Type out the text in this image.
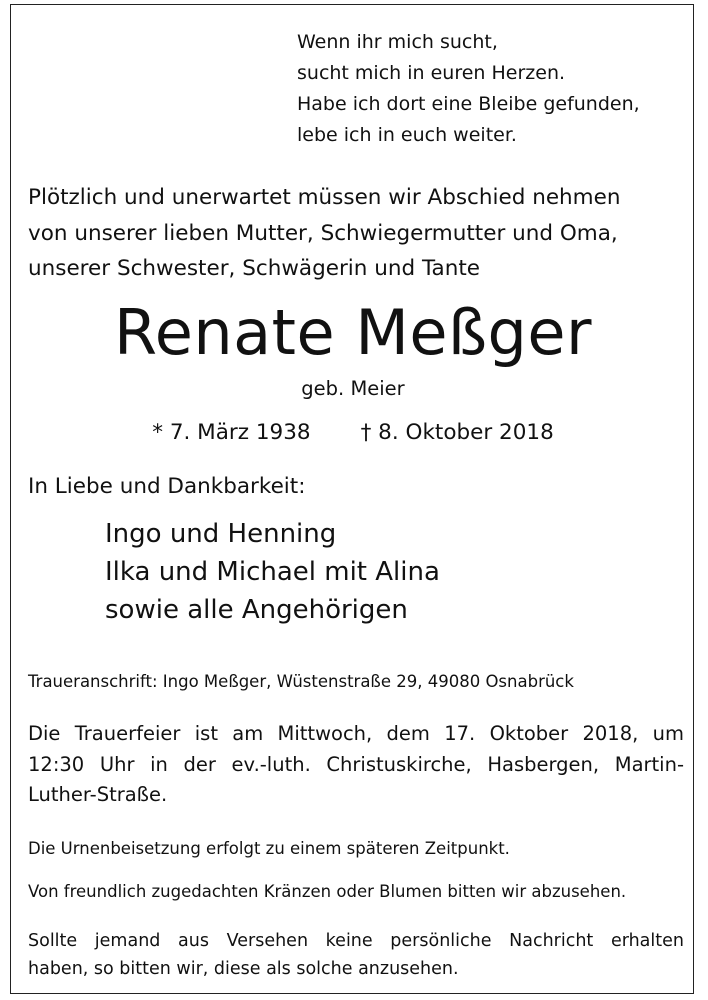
Wenn ihr mich sucht,
sucht mich in euren Herzen.
Habe ich dort eine Bleibe gefunden,
lebe ich in euch weiter.
Plötzlich und unerwartet müssen wir Abschied nehmen
von unserer lieben Mutter, Schwiegermutter und Oma,
unserer Schwester, Schwägerin und Tante
Renate Meßger
geb. Meier
* 7. März 1938 † 8. Oktober 2018
In Liebe und Dankbarkeit:
Ingo und Henning
Ilka und Michael mit Alina
sowie alle Angehörigen
Traueranschrift: Ingo Meßger, Wüstenstraße 29, 49080 Osnabrück
Die Trauerfeier ist am Mittwoch, dem 17. Oktober 2018, um
12:30 Uhr in der ev.-luth. Christuskirche, Hasbergen, Martin-
Luther-Straße.
Die Urnenbeisetzung erfolgt zu einem späteren Zeitpunkt.
Von freundlich zugedachten Kränzen oder Blumen bitten wir abzusehen.
Sollte jemand aus Versehen keine persönliche Nachricht erhalten
haben, so bitten wir, diese als solche anzusehen.
